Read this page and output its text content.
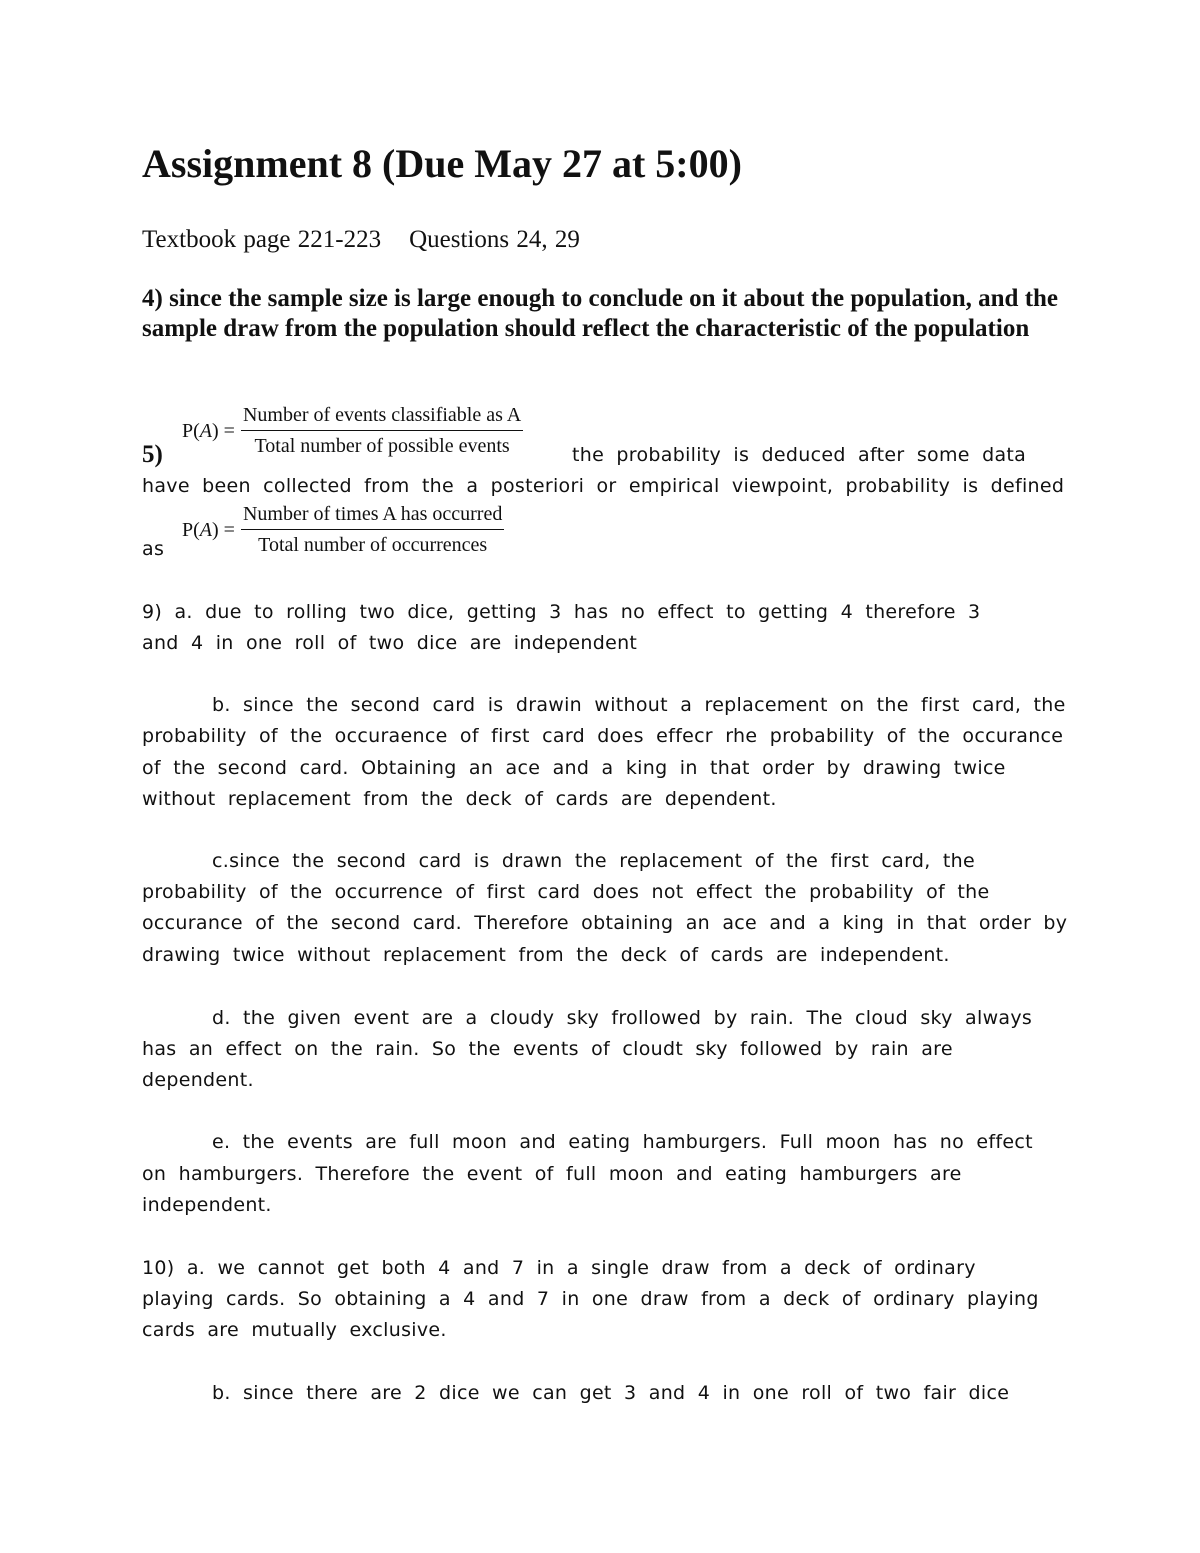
Assignment 8 (Due May 27 at 5:00)
Textbook page 221-223 Questions 24, 29
4) since the sample size is large enough to conclude on it about the population, and the sample draw from the population should reflect the characteristic of the population
$P(A) = \frac{\text{Number of events classifiable as A}}{\text{Total number of possible events}}$
5)	the probability is deduced after some data
have been collected from the a posteriori or empirical viewpoint, probability is defined
as
$P(A) = \frac{\text{Number of times A has occurred}}{\text{Total number of occurrences}}$
9) a. due to rolling two dice, getting 3 has no effect to getting 4 therefore 3
and 4 in one roll of two dice are independent
b. since the second card is drawin without a replacement on the first card, the
probability of the occuraence of first card does effecr rhe probability of the occurance
of the second card. Obtaining an ace and a king in that order by drawing twice
without replacement from the deck of cards are dependent.
c.since the second card is drawn the replacement of the first card, the
probability of the occurrence of first card does not effect the probability of the
occurance of the second card. Therefore obtaining an ace and a king in that order by
drawing twice without replacement from the deck of cards are independent.
d. the given event are a cloudy sky frollowed by rain. The cloud sky always
has an effect on the rain. So the events of cloudt sky followed by rain are
dependent.
e. the events are full moon and eating hamburgers. Full moon has no effect
on hamburgers. Therefore the event of full moon and eating hamburgers are
independent.
10) a. we cannot get both 4 and 7 in a single draw from a deck of ordinary
playing cards. So obtaining a 4 and 7 in one draw from a deck of ordinary playing
cards are mutually exclusive.
b. since there are 2 dice we can get 3 and 4 in one roll of two fair dice
